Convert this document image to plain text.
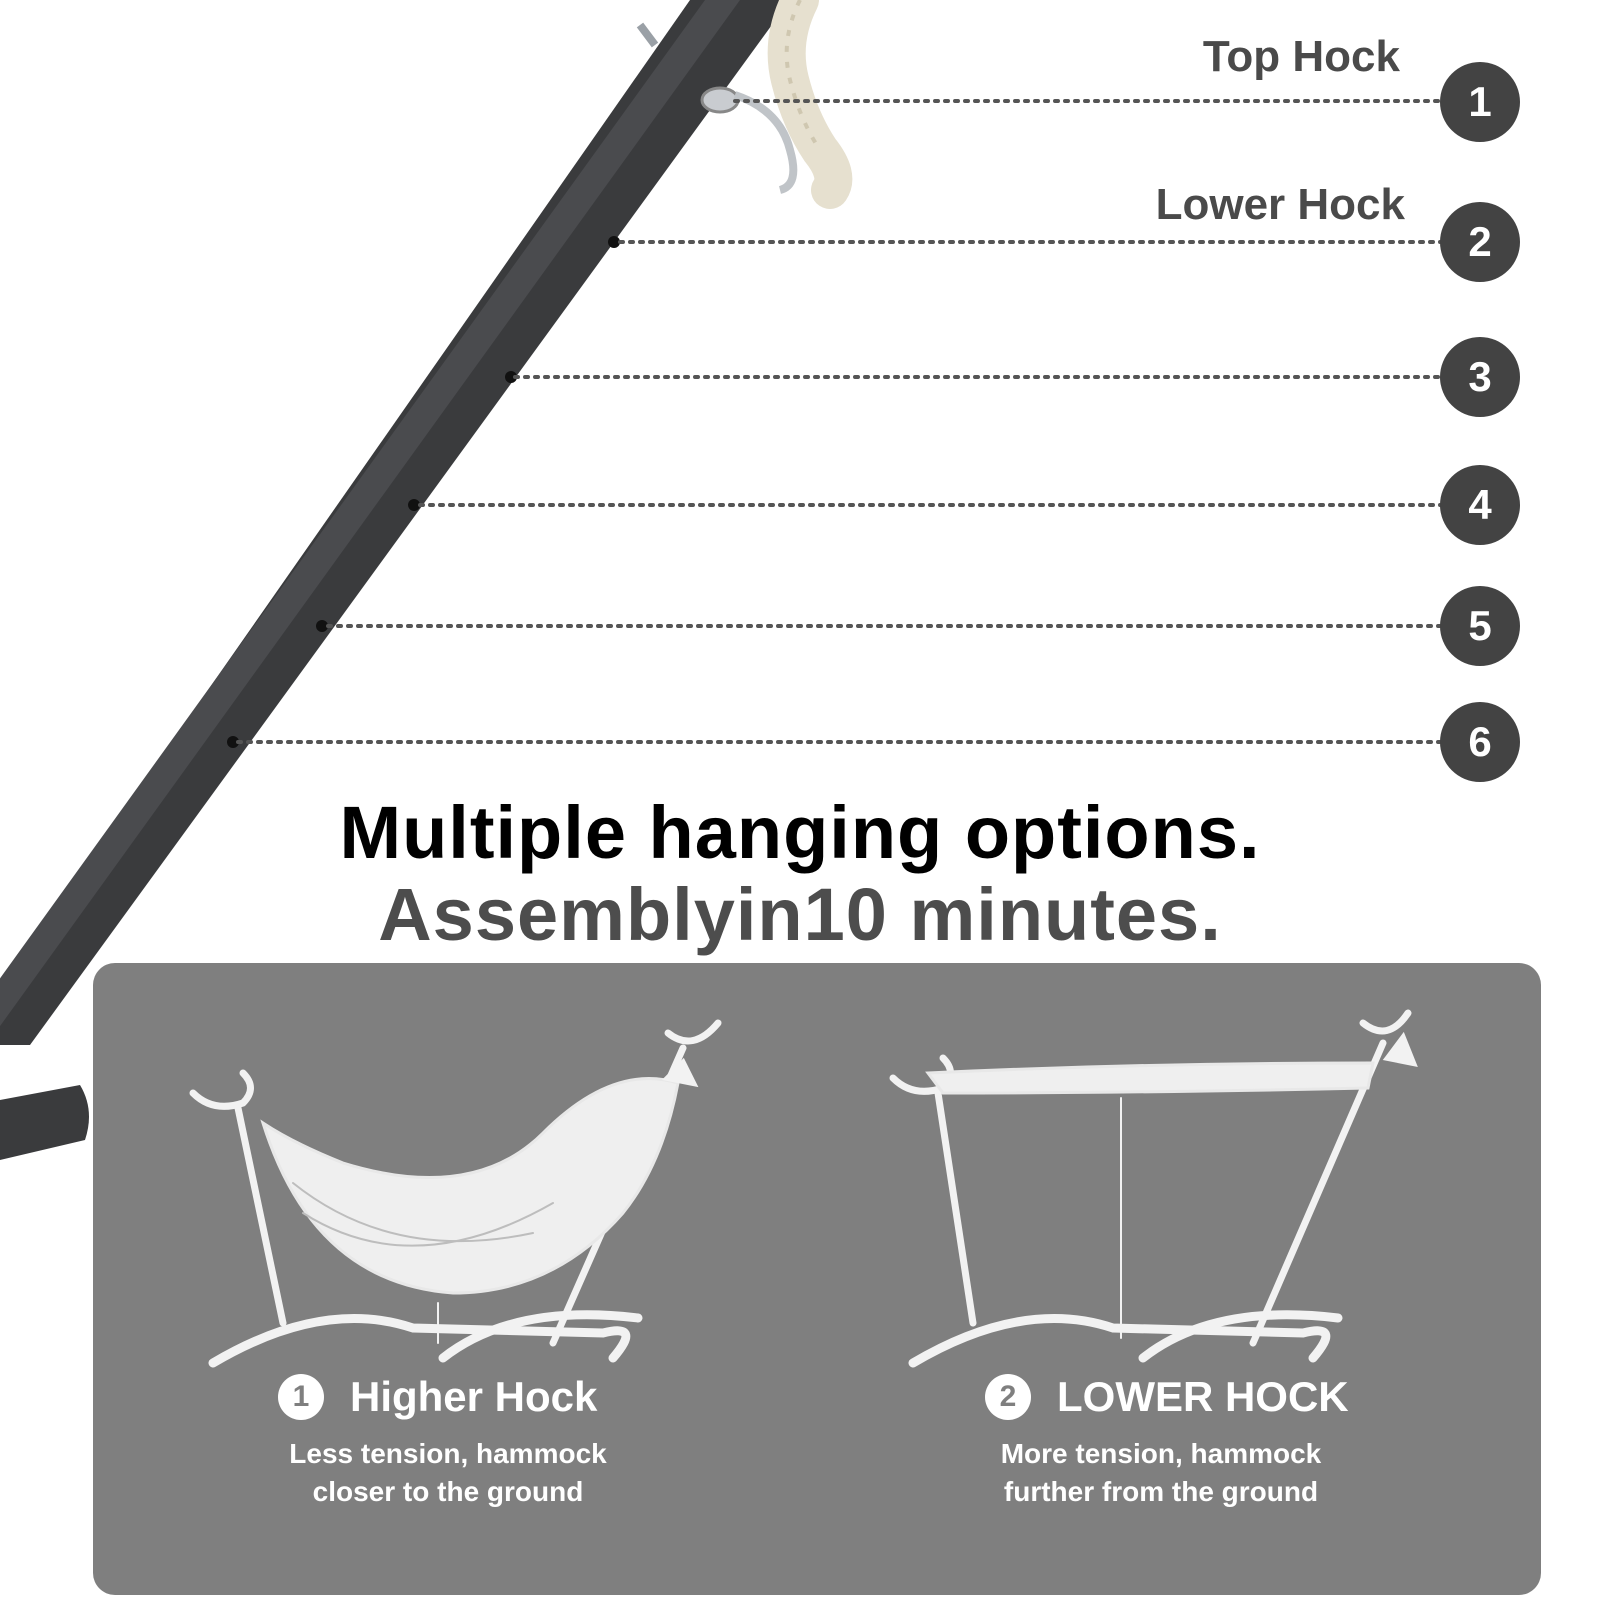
Top Hock
Lower Hock
1
2
3
4
5
6
Multiple hanging options.
Assemblyin10 minutes.
1 Higher Hock
Less tension, hammock
closer to the ground
2 LOWER HOCK
More tension, hammock
further from the ground
